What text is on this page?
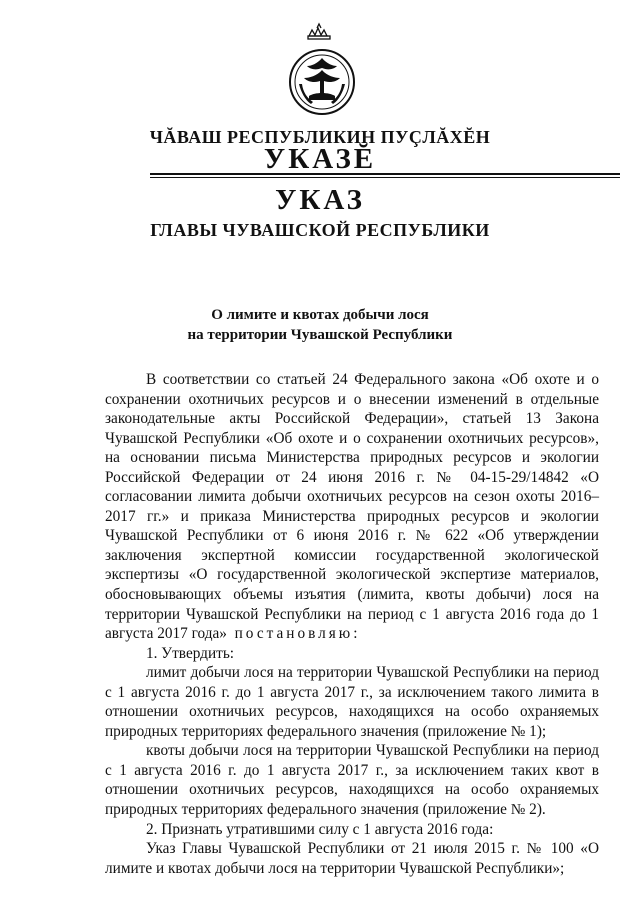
ЧĂВАШ РЕСПУБЛИКИН ПУÇЛĂХĔН
УКАЗĔ
УКАЗ
ГЛАВЫ ЧУВАШСКОЙ РЕСПУБЛИКИ
О лимите и квотах добычи лося
на территории Чувашской Республики
В соответствии со статьей 24 Федерального закона «Об охоте и о сохранении охотничьих ресурсов и о внесении изменений в отдельные законодательные акты Российской Федерации», статьей 13 Закона Чувашской Республики «Об охоте и о сохранении охотничьих ресурсов», на основании письма Министерства природных ресурсов и экологии Российской Федерации от 24 июня 2016 г. № 04-15-29/14842 «О согласовании лимита добычи охотничьих ресурсов на сезон охоты 2016–2017 гг.» и приказа Министерства природных ресурсов и экологии Чувашской Республики от 6 июня 2016 г. № 622 «Об утверждении заключения экспертной комиссии государственной экологической экспертизы «О государственной экологической экспертизе материалов, обосновывающих объемы изъятия (лимита, квоты добычи) лося на территории Чувашской Республики на период с 1 августа 2016 года до 1 августа 2017 года» постановляю:
1. Утвердить:
лимит добычи лося на территории Чувашской Республики на период с 1 августа 2016 г. до 1 августа 2017 г., за исключением такого лимита в отношении охотничьих ресурсов, находящихся на особо охраняемых природных территориях федерального значения (приложение № 1);
квоты добычи лося на территории Чувашской Республики на период с 1 августа 2016 г. до 1 августа 2017 г., за исключением таких квот в отношении охотничьих ресурсов, находящихся на особо охраняемых природных территориях федерального значения (приложение № 2).
2. Признать утратившими силу с 1 августа 2016 года:
Указ Главы Чувашской Республики от 21 июля 2015 г. № 100 «О лимите и квотах добычи лося на территории Чувашской Республики»;
